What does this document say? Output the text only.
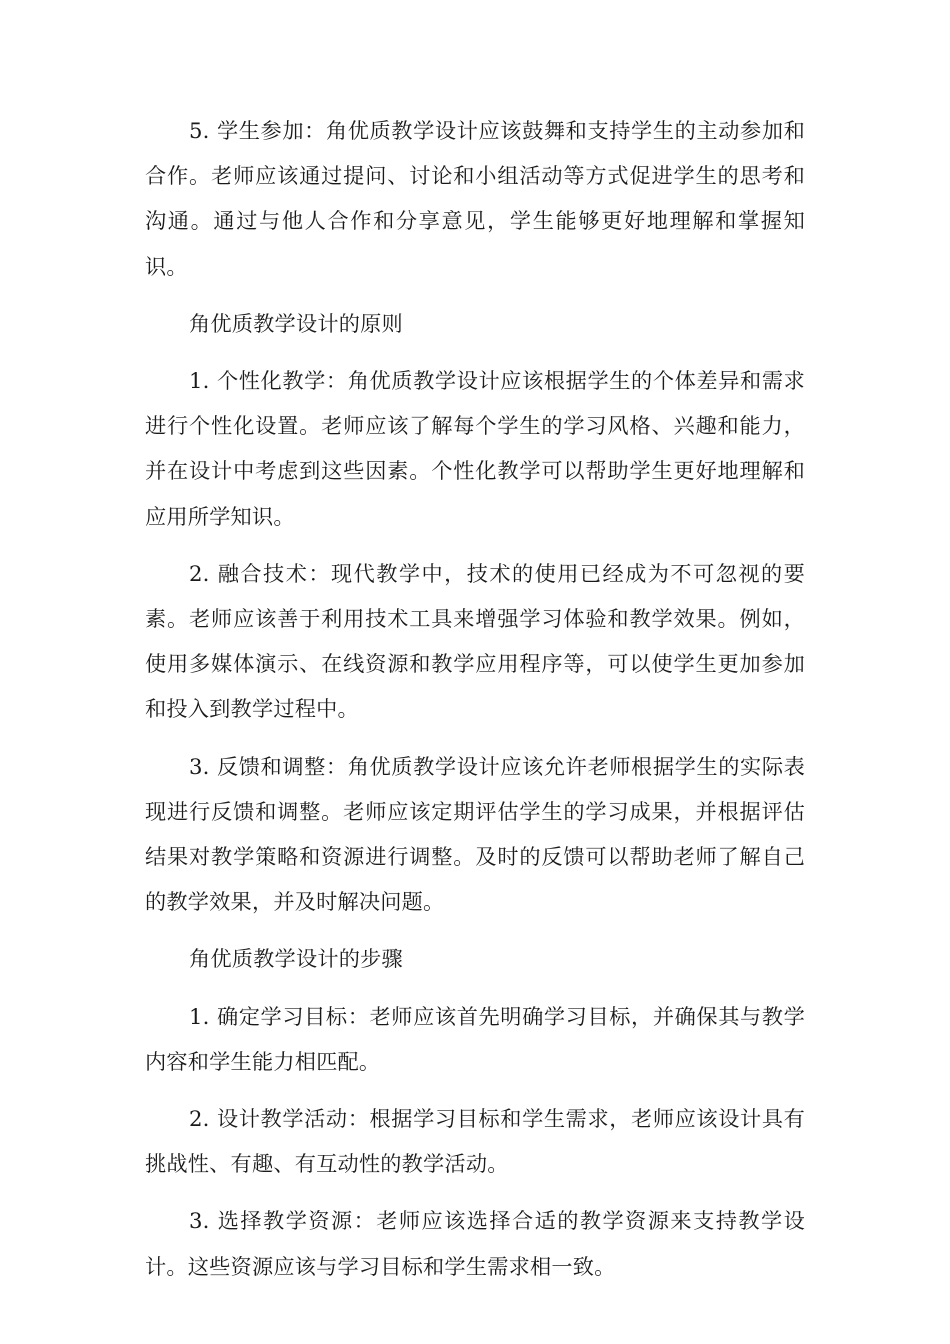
5. 学生参加：角优质教学设计应该鼓舞和支持学生的主动参加和合作。老师应该通过提问、讨论和小组活动等方式促进学生的思考和沟通。通过与他人合作和分享意见，学生能够更好地理解和掌握知识。

角优质教学设计的原则

1. 个性化教学：角优质教学设计应该根据学生的个体差异和需求进行个性化设置。老师应该了解每个学生的学习风格、兴趣和能力，并在设计中考虑到这些因素。个性化教学可以帮助学生更好地理解和应用所学知识。

2. 融合技术：现代教学中，技术的使用已经成为不可忽视的要素。老师应该善于利用技术工具来增强学习体验和教学效果。例如，使用多媒体演示、在线资源和教学应用程序等，可以使学生更加参加和投入到教学过程中。

3. 反馈和调整：角优质教学设计应该允许老师根据学生的实际表现进行反馈和调整。老师应该定期评估学生的学习成果，并根据评估结果对教学策略和资源进行调整。及时的反馈可以帮助老师了解自己的教学效果，并及时解决问题。

角优质教学设计的步骤

1. 确定学习目标：老师应该首先明确学习目标，并确保其与教学内容和学生能力相匹配。

2. 设计教学活动：根据学习目标和学生需求，老师应该设计具有挑战性、有趣、有互动性的教学活动。

3. 选择教学资源：老师应该选择合适的教学资源来支持教学设计。这些资源应该与学习目标和学生需求相一致。
